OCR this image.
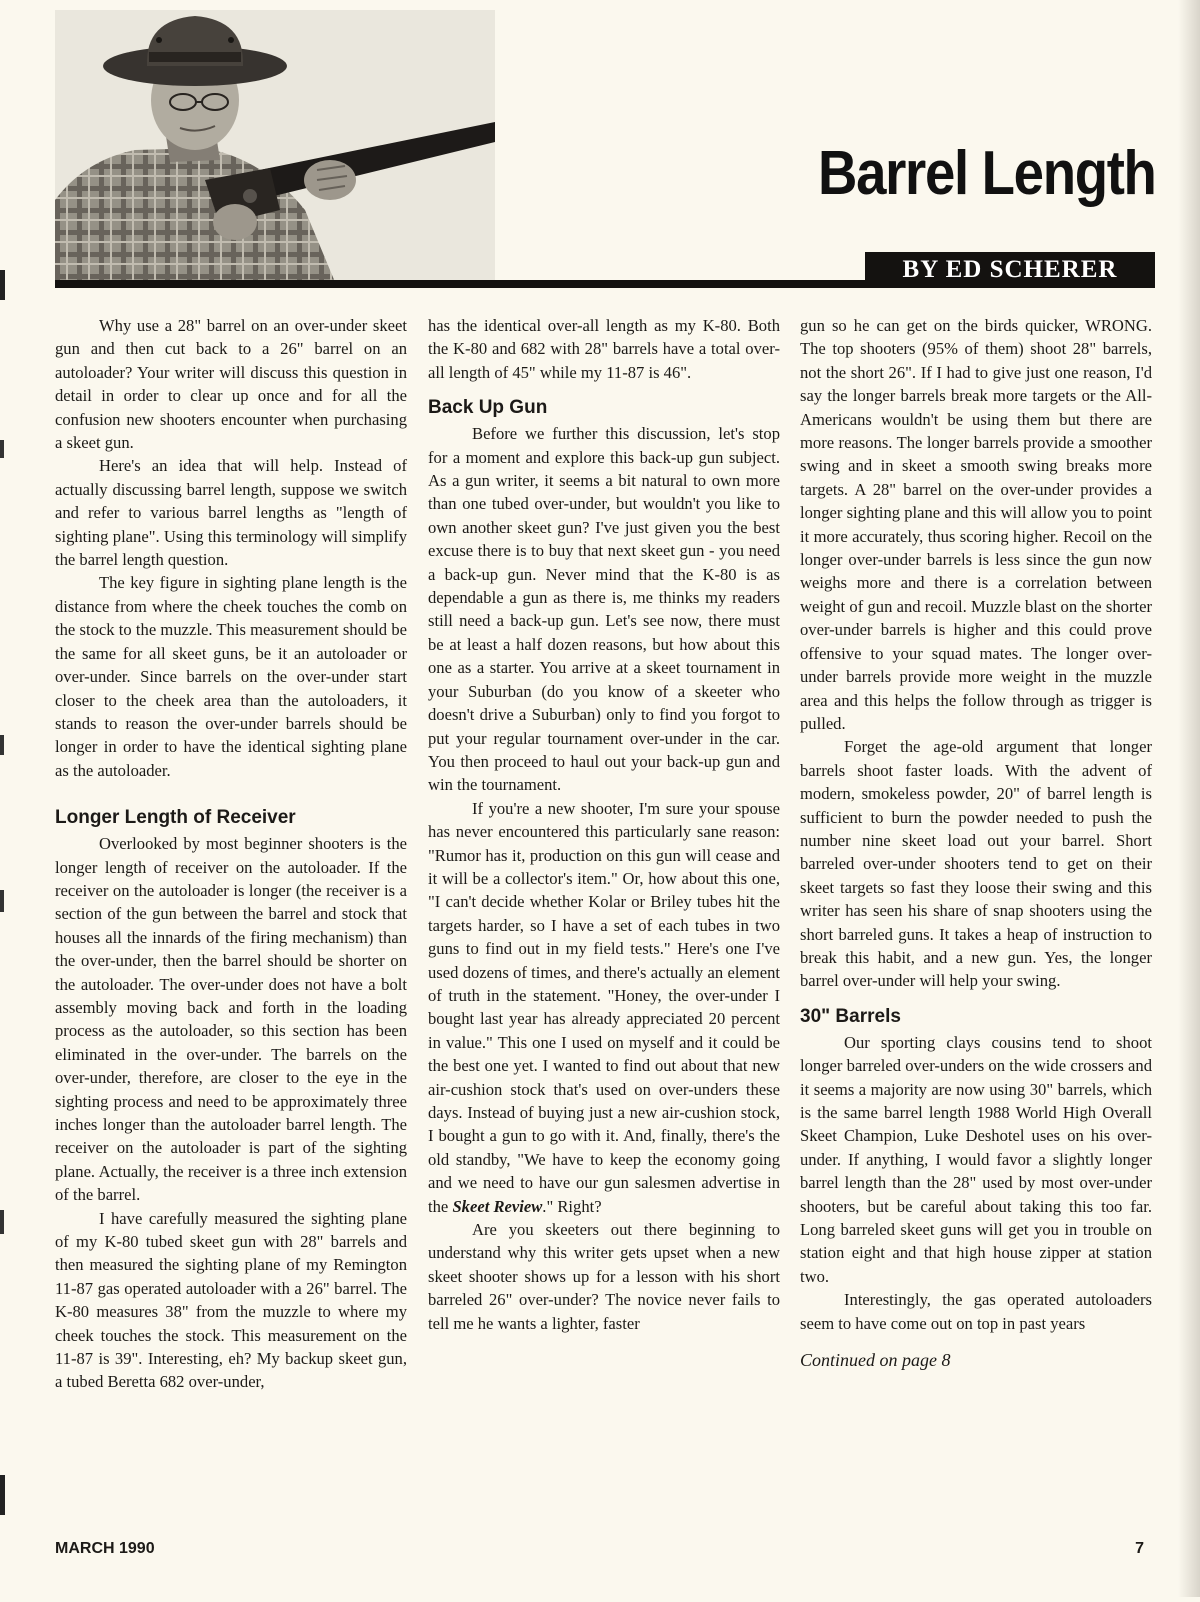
Barrel Length
BY ED SCHERER

Why use a 28" barrel on an over-under skeet gun and then cut back to a 26" barrel on an autoloader? Your writer will discuss this question in detail in order to clear up once and for all the confusion new shooters encounter when purchasing a skeet gun.

Here's an idea that will help. Instead of actually discussing barrel length, suppose we switch and refer to various barrel lengths as "length of sighting plane". Using this terminology will simplify the barrel length question.

The key figure in sighting plane length is the distance from where the cheek touches the comb on the stock to the muzzle. This measurement should be the same for all skeet guns, be it an autoloader or over-under. Since barrels on the over-under start closer to the cheek area than the autoloaders, it stands to reason the over-under barrels should be longer in order to have the identical sighting plane as the autoloader.

Longer Length of Receiver

Overlooked by most beginner shooters is the longer length of receiver on the autoloader. If the receiver on the autoloader is longer (the receiver is a section of the gun between the barrel and stock that houses all the innards of the firing mechanism) than the over-under, then the barrel should be shorter on the autoloader. The over-under does not have a bolt assembly moving back and forth in the loading process as the autoloader, so this section has been eliminated in the over-under. The barrels on the over-under, therefore, are closer to the eye in the sighting process and need to be approximately three inches longer than the autoloader barrel length. The receiver on the autoloader is part of the sighting plane. Actually, the receiver is a three inch extension of the barrel.

I have carefully measured the sighting plane of my K-80 tubed skeet gun with 28" barrels and then measured the sighting plane of my Remington 11-87 gas operated autoloader with a 26" barrel. The K-80 measures 38" from the muzzle to where my cheek touches the stock. This measurement on the 11-87 is 39". Interesting, eh? My backup skeet gun, a tubed Beretta 682 over-under,

has the identical over-all length as my K-80. Both the K-80 and 682 with 28" barrels have a total over-all length of 45" while my 11-87 is 46".

Back Up Gun

Before we further this discussion, let's stop for a moment and explore this back-up gun subject. As a gun writer, it seems a bit natural to own more than one tubed over-under, but wouldn't you like to own another skeet gun? I've just given you the best excuse there is to buy that next skeet gun - you need a back-up gun. Never mind that the K-80 is as dependable a gun as there is, me thinks my readers still need a back-up gun. Let's see now, there must be at least a half dozen reasons, but how about this one as a starter. You arrive at a skeet tournament in your Suburban (do you know of a skeeter who doesn't drive a Suburban) only to find you forgot to put your regular tournament over-under in the car. You then proceed to haul out your back-up gun and win the tournament.

If you're a new shooter, I'm sure your spouse has never encountered this particularly sane reason: "Rumor has it, production on this gun will cease and it will be a collector's item." Or, how about this one, "I can't decide whether Kolar or Briley tubes hit the targets harder, so I have a set of each tubes in two guns to find out in my field tests." Here's one I've used dozens of times, and there's actually an element of truth in the statement. "Honey, the over-under I bought last year has already appreciated 20 percent in value." This one I used on myself and it could be the best one yet. I wanted to find out about that new air-cushion stock that's used on over-unders these days. Instead of buying just a new air-cushion stock, I bought a gun to go with it. And, finally, there's the old standby, "We have to keep the economy going and we need to have our gun salesmen advertise in the Skeet Review." Right?

Are you skeeters out there beginning to understand why this writer gets upset when a new skeet shooter shows up for a lesson with his short barreled 26" over-under? The novice never fails to tell me he wants a lighter, faster

gun so he can get on the birds quicker, WRONG. The top shooters (95% of them) shoot 28" barrels, not the short 26". If I had to give just one reason, I'd say the longer barrels break more targets or the All-Americans wouldn't be using them but there are more reasons. The longer barrels provide a smoother swing and in skeet a smooth swing breaks more targets. A 28" barrel on the over-under provides a longer sighting plane and this will allow you to point it more accurately, thus scoring higher. Recoil on the longer over-under barrels is less since the gun now weighs more and there is a correlation between weight of gun and recoil. Muzzle blast on the shorter over-under barrels is higher and this could prove offensive to your squad mates. The longer over-under barrels provide more weight in the muzzle area and this helps the follow through as trigger is pulled.

Forget the age-old argument that longer barrels shoot faster loads. With the advent of modern, smokeless powder, 20" of barrel length is sufficient to burn the powder needed to push the number nine skeet load out your barrel. Short barreled over-under shooters tend to get on their skeet targets so fast they loose their swing and this writer has seen his share of snap shooters using the short barreled guns. It takes a heap of instruction to break this habit, and a new gun. Yes, the longer barrel over-under will help your swing.

30" Barrels

Our sporting clays cousins tend to shoot longer barreled over-unders on the wide crossers and it seems a majority are now using 30" barrels, which is the same barrel length 1988 World High Overall Skeet Champion, Luke Deshotel uses on his over-under. If anything, I would favor a slightly longer barrel length than the 28" used by most over-under shooters, but be careful about taking this too far. Long barreled skeet guns will get you in trouble on station eight and that high house zipper at station two.

Interestingly, the gas operated autoloaders seem to have come out on top in past years

Continued on page 8

MARCH 1990	7
